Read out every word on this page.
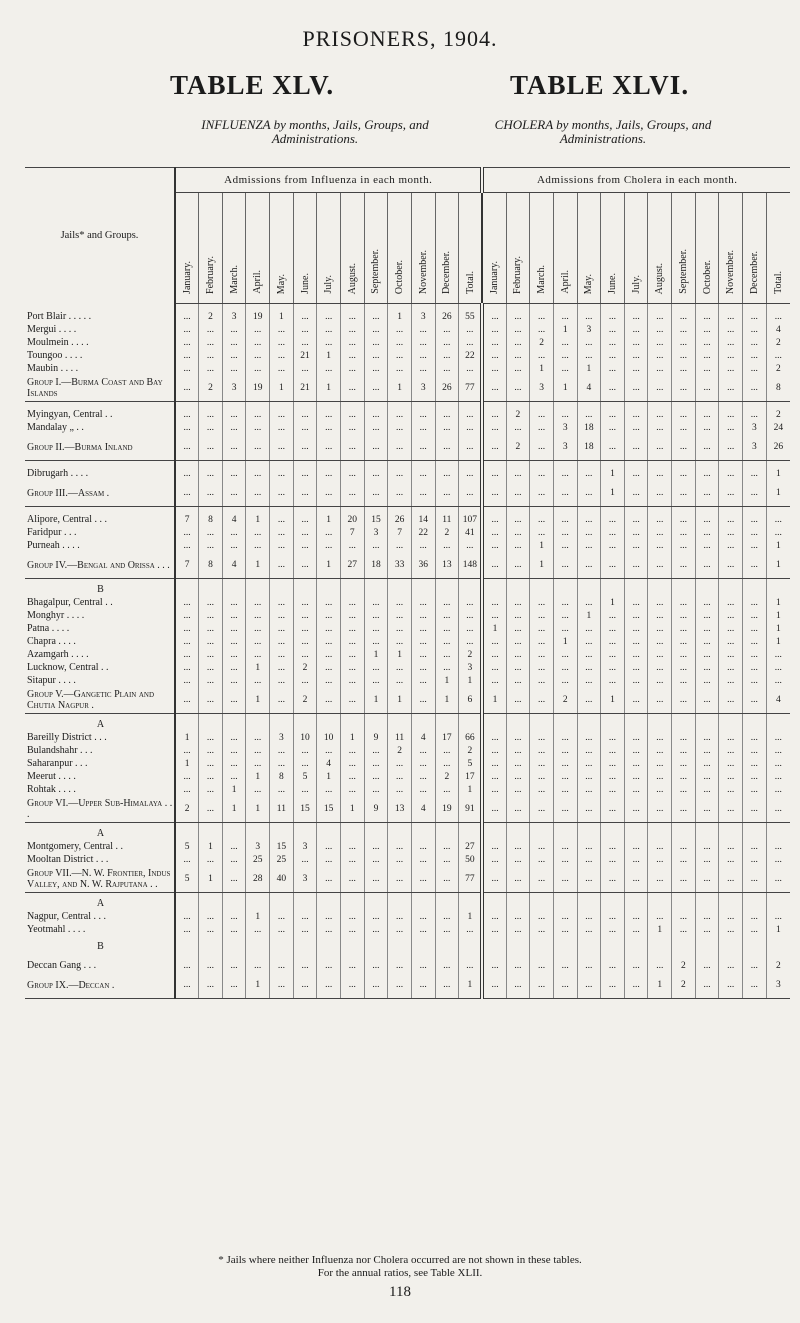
PRISONERS, 1904.
TABLE XLV.	TABLE XLVI.
INFLUENZA by months, Jails, Groups, and
Administrations.
CHOLERA by months, Jails, Groups, and
Administrations.
Jails* and Groups.	Admissions from Influenza in each month.													Admissions from Cholera in each month.												
	January.	February.	March.	April.	May.	June.	July.	August.	September.	October.	November.	December.	Total.	January.	February.	March.	April.	May.	June.	July.	August.	September.	October.	November.	December.	Total.
Port Blair . . . . .	...	2	3	19	1	...	...	...	...	1	3	26	55	...	...	...	...	...	...	...	...	...	...	...	...	...
Mergui . . . .	...	...	...	...	...	...	...	...	...	...	...	...	...	...	...	...	1	3	...	...	...	...	...	...	...	4
Moulmein . . . .	...	...	...	...	...	...	...	...	...	...	...	...	...	...	...	2	...	...	...	...	...	...	...	...	...	2
Toungoo . . . .	...	...	...	...	...	21	1	...	...	...	...	...	22	...	...	...	...	...	...	...	...	...	...	...	...	...
Maubin . . . .	...	...	...	...	...	...	...	...	...	...	...	...	...	...	...	1	...	1	...	...	...	...	...	...	...	2
Group I.—Burma Coast and Bay Islands	...	2	3	19	1	21	1	...	...	1	3	26	77	...	...	3	1	4	...	...	...	...	...	...	...	8
Myingyan, Central . .	...	...	...	...	...	...	...	...	...	...	...	...	...	...	2	...	...	...	...	...	...	...	...	...	...	2
Mandalay „ . .	...	...	...	...	...	...	...	...	...	...	...	...	...	...	...	...	3	18	...	...	...	...	...	...	3	24
Group II.—Burma Inland	...	...	...	...	...	...	...	...	...	...	...	...	...	...	2	...	3	18	...	...	...	...	...	...	3	26
Dibrugarh . . . .	...	...	...	...	...	...	...	...	...	...	...	...	...	...	...	...	...	...	1	...	...	...	...	...	...	1
Group III.—Assam .	...	...	...	...	...	...	...	...	...	...	...	...	...	...	...	...	...	...	1	...	...	...	...	...	...	1
Alipore, Central . . .	7	8	4	1	...	...	1	20	15	26	14	11	107	...	...	...	...	...	...	...	...	...	...	...	...	...
Faridpur . . .	...	...	...	...	...	...	...	7	3	7	22	2	41	...	...	...	...	...	...	...	...	...	...	...	...	...
Purneah . . . .	...	...	...	...	...	...	...	...	...	...	...	...	...	...	...	1	...	...	...	...	...	...	...	...	...	1
Group IV.—Bengal and Orissa . . .	7	8	4	1	...	...	1	27	18	33	36	13	148	...	...	1	...	...	...	...	...	...	...	...	...	1
B																										
Bhagalpur, Central . .	...	...	...	...	...	...	...	...	...	...	...	...	...	...	...	...	...	...	1	...	...	...	...	...	...	1
Monghyr . . . .	...	...	...	...	...	...	...	...	...	...	...	...	...	...	...	...	...	1	...	...	...	...	...	...	...	1
Patna . . . .	...	...	...	...	...	...	...	...	...	...	...	...	...	1	...	...	...	...	...	...	...	...	...	...	...	1
Chapra . . . .	...	...	...	...	...	...	...	...	...	...	...	...	...	...	...	...	1	...	...	...	...	...	...	...	...	1
Azamgarh . . . .	...	...	...	...	...	...	...	...	1	1	...	...	2	...	...	...	...	...	...	...	...	...	...	...	...	...
Lucknow, Central . .	...	...	...	1	...	2	...	...	...	...	...	...	3	...	...	...	...	...	...	...	...	...	...	...	...	...
Sitapur . . . .	...	...	...	...	...	...	...	...	...	...	...	1	1	...	...	...	...	...	...	...	...	...	...	...	...	...
Group V.—Gangetic Plain and Chutia Nagpur .	...	...	...	1	...	2	...	...	1	1	...	1	6	1	...	...	2	...	1	...	...	...	...	...	...	4
A																										
Bareilly District . . .	1	...	...	...	3	10	10	1	9	11	4	17	66	...	...	...	...	...	...	...	...	...	...	...	...	...
Bulandshahr . . .	...	...	...	...	...	...	...	...	...	2	...	...	2	...	...	...	...	...	...	...	...	...	...	...	...	...
Saharanpur . . .	1	...	...	...	...	...	4	...	...	...	...	...	5	...	...	...	...	...	...	...	...	...	...	...	...	...
Meerut . . . .	...	...	...	1	8	5	1	...	...	...	...	2	17	...	...	...	...	...	...	...	...	...	...	...	...	...
Rohtak . . . .	...	...	1	...	...	...	...	...	...	...	...	...	1	...	...	...	...	...	...	...	...	...	...	...	...	...
Group VI.—Upper Sub-Himalaya . . .	2	...	1	1	11	15	15	1	9	13	4	19	91	...	...	...	...	...	...	...	...	...	...	...	...	...
A																										
Montgomery, Central . .	5	1	...	3	15	3	...	...	...	...	...	...	27	...	...	...	...	...	...	...	...	...	...	...	...	...
Mooltan District . . .	...	...	...	25	25	...	...	...	...	...	...	...	50	...	...	...	...	...	...	...	...	...	...	...	...	...
Group VII.—N. W. Frontier, Indus Valley, and N. W. Rajputana . .	5	1	...	28	40	3	...	...	...	...	...	...	77	...	...	...	...	...	...	...	...	...	...	...	...	...
A																										
Nagpur, Central . . .	...	...	...	1	...	...	...	...	...	...	...	...	1	...	...	...	...	...	...	...	...	...	...	...	...	...
Yeotmahl . . . .	...	...	...	...	...	...	...	...	...	...	...	...	...	...	...	...	...	...	...	...	1	...	...	...	...	1
B																										
Deccan Gang . . .	...	...	...	...	...	...	...	...	...	...	...	...	...	...	...	...	...	...	...	...	...	2	...	...	...	2
Group IX.—Deccan .	...	...	...	1	...	...	...	...	...	...	...	...	1	...	...	...	...	...	...	...	1	2	...	...	...	3
* Jails where neither Influenza nor Cholera occurred are not shown in these tables.
For the annual ratios, see Table XLII.
118
